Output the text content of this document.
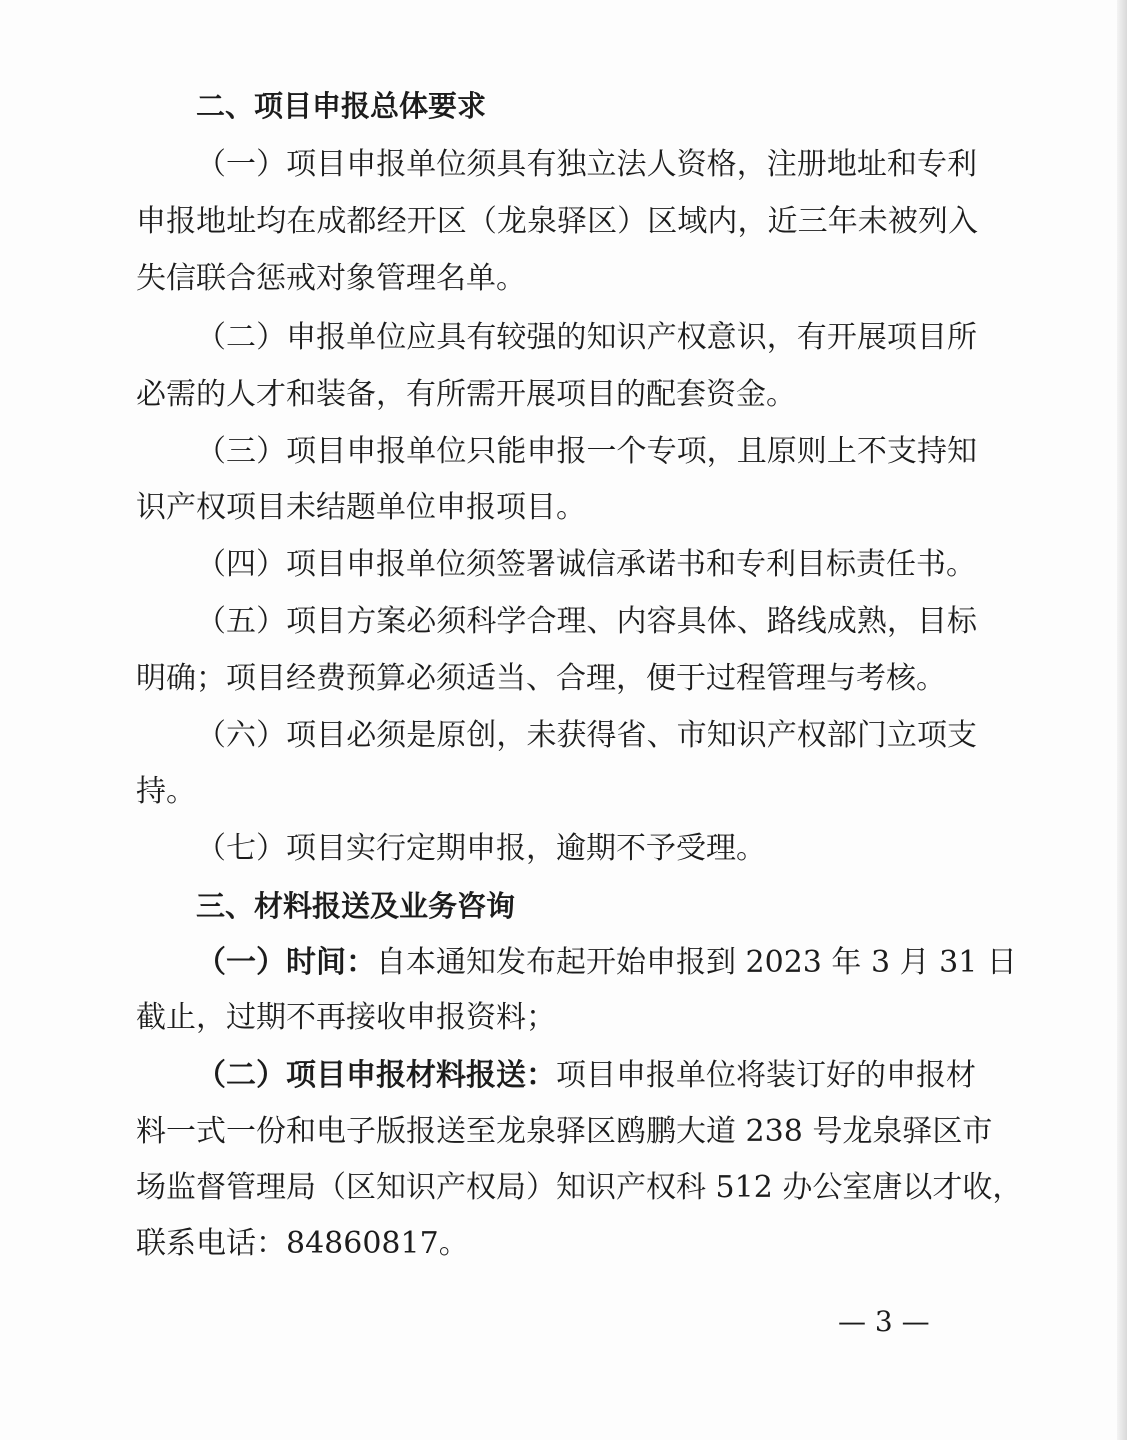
二、项目申报总体要求
（一）项目申报单位须具有独立法人资格，注册地址和专利
申报地址均在成都经开区（龙泉驿区）区域内，近三年未被列入
失信联合惩戒对象管理名单。
（二）申报单位应具有较强的知识产权意识，有开展项目所
必需的人才和装备，有所需开展项目的配套资金。
（三）项目申报单位只能申报一个专项，且原则上不支持知
识产权项目未结题单位申报项目。
（四）项目申报单位须签署诚信承诺书和专利目标责任书。
（五）项目方案必须科学合理、内容具体、路线成熟，目标
明确；项目经费预算必须适当、合理，便于过程管理与考核。
（六）项目必须是原创，未获得省、市知识产权部门立项支
持。
（七）项目实行定期申报，逾期不予受理。
三、材料报送及业务咨询
（一）时间：自本通知发布起开始申报到 2023 年 3 月 31 日
截止，过期不再接收申报资料；
（二）项目申报材料报送：项目申报单位将装订好的申报材
料一式一份和电子版报送至龙泉驿区鸥鹏大道 238 号龙泉驿区市
场监督管理局（区知识产权局）知识产权科 512 办公室唐以才收，
联系电话：84860817。
— 3 —
